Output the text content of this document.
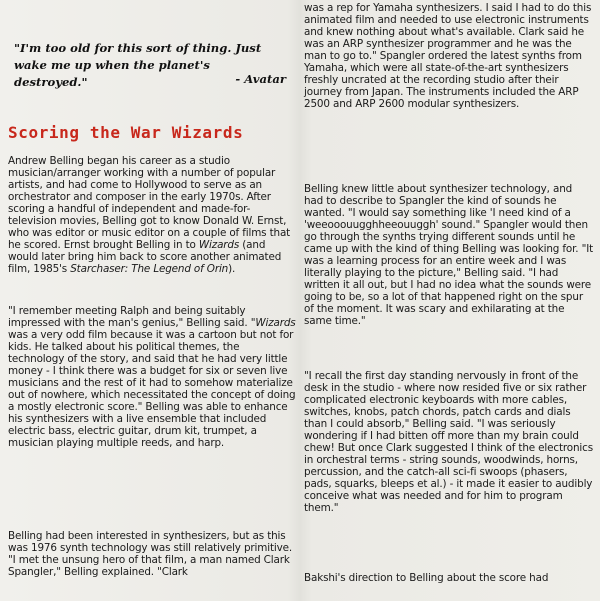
"I'm too old for this sort of thing. Just wake me up when the planet's destroyed."	- Avatar
Scoring the War Wizards

Andrew Belling began his career as a studio musician/arranger working with a number of popular artists, and had come to Hollywood to serve as an orchestrator and composer in the early 1970s. After scoring a handful of independent and made-for-television movies, Belling got to know Donald W. Ernst, who was editor or music editor on a couple of films that he scored. Ernst brought Belling in to Wizards (and would later bring him back to score another animated film, 1985's Starchaser: The Legend of Orin).

"I remember meeting Ralph and being suitably impressed with the man's genius," Belling said. "Wizards was a very odd film because it was a cartoon but not for kids. He talked about his political themes, the technology of the story, and said that he had very little money - I think there was a budget for six or seven live musicians and the rest of it had to somehow materialize out of nowhere, which necessitated the concept of doing a mostly electronic score." Belling was able to enhance his synthesizers with a live ensemble that included electric bass, electric guitar, drum kit, trumpet, a musician playing multiple reeds, and harp.

Belling had been interested in synthesizers, but as this was 1976 synth technology was still relatively primitive. "I met the unsung hero of that film, a man named Clark Spangler," Belling explained. "Clark

was a rep for Yamaha synthesizers. I said I had to do this animated film and needed to use electronic instruments and knew nothing about what's available. Clark said he was an ARP synthesizer programmer and he was the man to go to." Spangler ordered the latest synths from Yamaha, which were all state-of-the-art synthesizers freshly uncrated at the recording studio after their journey from Japan. The instruments included the ARP 2500 and ARP 2600 modular synthesizers.

Belling knew little about synthesizer technology, and had to describe to Spangler the kind of sounds he wanted. "I would say something like 'I need kind of a 'weeooouugghheeouuggh' sound." Spangler would then go through the synths trying different sounds until he came up with the kind of thing Belling was looking for. "It was a learning process for an entire week and I was literally playing to the picture," Belling said. "I had written it all out, but I had no idea what the sounds were going to be, so a lot of that happened right on the spur of the moment. It was scary and exhilarating at the same time."

"I recall the first day standing nervously in front of the desk in the studio - where now resided five or six rather complicated electronic keyboards with more cables, switches, knobs, patch chords, patch cards and dials than I could absorb," Belling said. "I was seriously wondering if I had bitten off more than my brain could chew! But once Clark suggested I think of the electronics in orchestral terms - string sounds, woodwinds, horns, percussion, and the catch-all sci-fi swoops (phasers, pads, squarks, bleeps et al.) - it made it easier to audibly conceive what was needed and for him to program them."

Bakshi's direction to Belling about the score had
